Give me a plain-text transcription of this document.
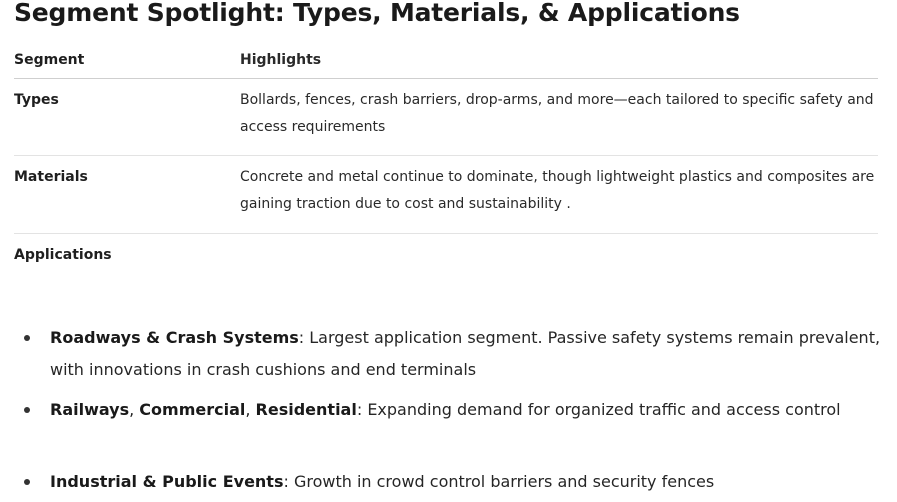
Segment Spotlight: Types, Materials, & Applications
Segment	Highlights
Types	Bollards, fences, crash barriers, drop-arms, and more—each tailored to specific safety and access requirements
Materials	Concrete and metal continue to dominate, though lightweight plastics and composites are gaining traction due to cost and sustainability .
Applications
Roadways & Crash Systems: Largest application segment. Passive safety systems remain prevalent, with innovations in crash cushions and end terminals
Railways, Commercial, Residential: Expanding demand for organized traffic and access control
Industrial & Public Events: Growth in crowd control barriers and security fences
